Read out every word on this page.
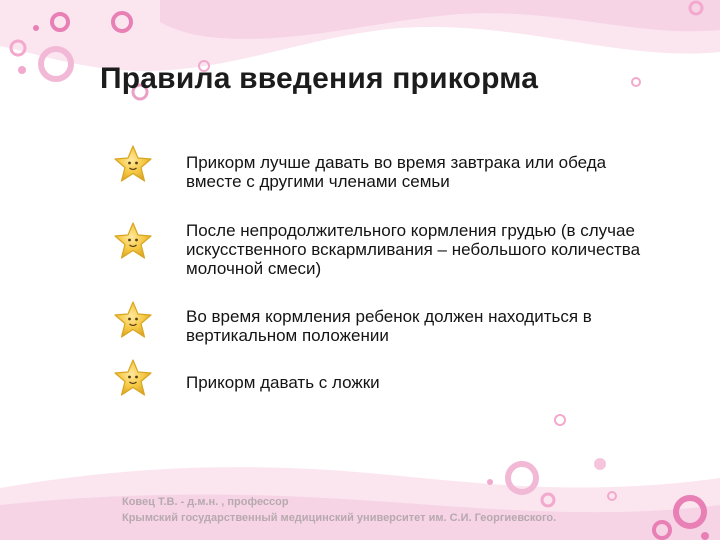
Правила введения прикорма
Прикорм лучше давать во время завтрака или обеда вместе с другими членами семьи
После непродолжительного кормления грудью (в случае искусственного вскармливания – небольшого количества молочной смеси)
Во время кормления ребенок должен находиться в вертикальном положении
Прикорм давать с ложки
Ковец Т.В. - д.м.н. , профессор
Крымский государственный медицинский университет им. С.И. Георгиевского.
